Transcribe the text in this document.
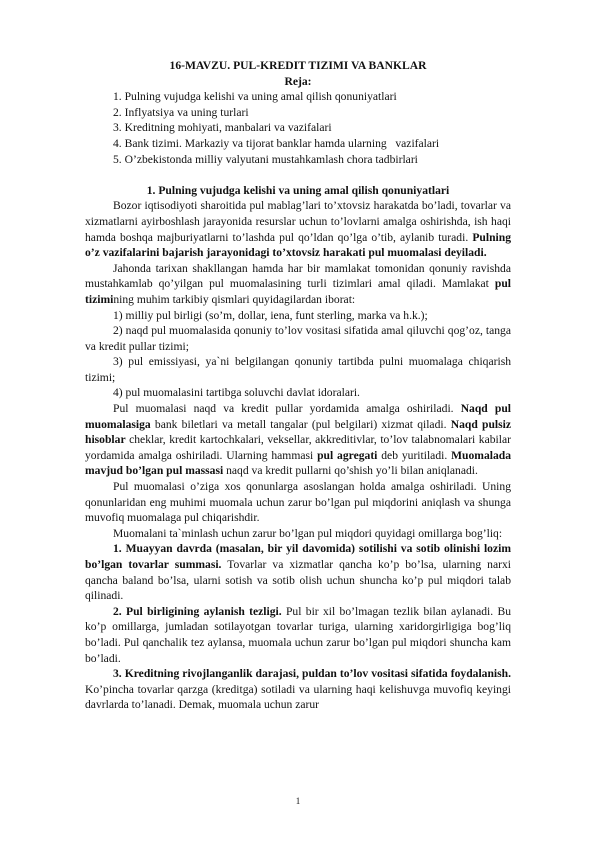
16-MAVZU. PUL-KREDIT TIZIMI VA BANKLAR
Reja:
1. Pulning vujudga kelishi va uning amal qilish qonuniyatlari
2. Inflyatsiya va uning turlari
3. Kreditning mohiyati, manbalari va vazifalari
4. Bank tizimi. Markaziy va tijorat banklar hamda ularning   vazifalari
5. O’zbekistonda milliy valyutani mustahkamlash chora tadbirlari
1. Pulning vujudga kelishi va uning amal qilish qonuniyatlari
Bozor iqtisodiyoti sharoitida pul mablag’lari to’xtovsiz harakatda bo’ladi, tovarlar va xizmatlarni ayirboshlash jarayonida resurslar uchun to’lovlarni amalga oshirishda, ish haqi hamda boshqa majburiyatlarni to’lashda pul qo’ldan qo’lga o’tib, aylanib turadi. Pulning o’z vazifalarini bajarish jarayonidagi to’xtovsiz harakati pul muomalasi deyiladi.
Jahonda tarixan shakllangan hamda har bir mamlakat tomonidan qonuniy ravishda mustahkamlab qo’yilgan pul muomalasining turli tizimlari amal qiladi. Mamlakat pul tizimining muhim tarkibiy qismlari quyidagilardan iborat:
1) milliy pul birligi (so’m, dollar, iena, funt sterling, marka va h.k.);
2) naqd pul muomalasida qonuniy to’lov vositasi sifatida amal qiluvchi qog’oz, tanga va kredit pullar tizimi;
3) pul emissiyasi, ya`ni belgilangan qonuniy tartibda pulni muomalaga chiqarish tizimi;
4) pul muomalasini tartibga soluvchi davlat idoralari.
Pul muomalasi naqd va kredit pullar yordamida amalga oshiriladi. Naqd pul muomalasiga bank biletlari va metall tangalar (pul belgilari) xizmat qiladi. Naqd pulsiz hisoblar cheklar, kredit kartochkalari, veksellar, akkreditivlar, to’lov talabnomalari kabilar yordamida amalga oshiriladi. Ularning hammasi pul agregati deb yuritiladi. Muomalada mavjud bo’lgan pul massasi naqd va kredit pullarni qo’shish yo’li bilan aniqlanadi.
Pul muomalasi o’ziga xos qonunlarga asoslangan holda amalga oshiriladi. Uning qonunlaridan eng muhimi muomala uchun zarur bo’lgan pul miqdorini aniqlash va shunga muvofiq muomalaga pul chiqarishdir.
Muomalani ta`minlash uchun zarur bo’lgan pul miqdori quyidagi omillarga bog’liq:
1. Muayyan davrda (masalan, bir yil davomida) sotilishi va sotib olinishi lozim bo’lgan tovarlar summasi. Tovarlar va xizmatlar qancha ko’p bo’lsa, ularning narxi qancha baland bo’lsa, ularni sotish va sotib olish uchun shuncha ko’p pul miqdori talab qilinadi.
2. Pul birligining aylanish tezligi. Pul bir xil bo’lmagan tezlik bilan aylanadi. Bu ko’p omillarga, jumladan sotilayotgan tovarlar turiga, ularning xaridorgirligiga bog’liq bo’ladi. Pul qanchalik tez aylansa, muomala uchun zarur bo’lgan pul miqdori shuncha kam bo’ladi.
3. Kreditning rivojlanganlik darajasi, puldan to’lov vositasi sifatida foydalanish. Ko’pincha tovarlar qarzga (kreditga) sotiladi va ularning haqi kelishuvga muvofiq keyingi davrlarda to’lanadi. Demak, muomala uchun zarur
1
